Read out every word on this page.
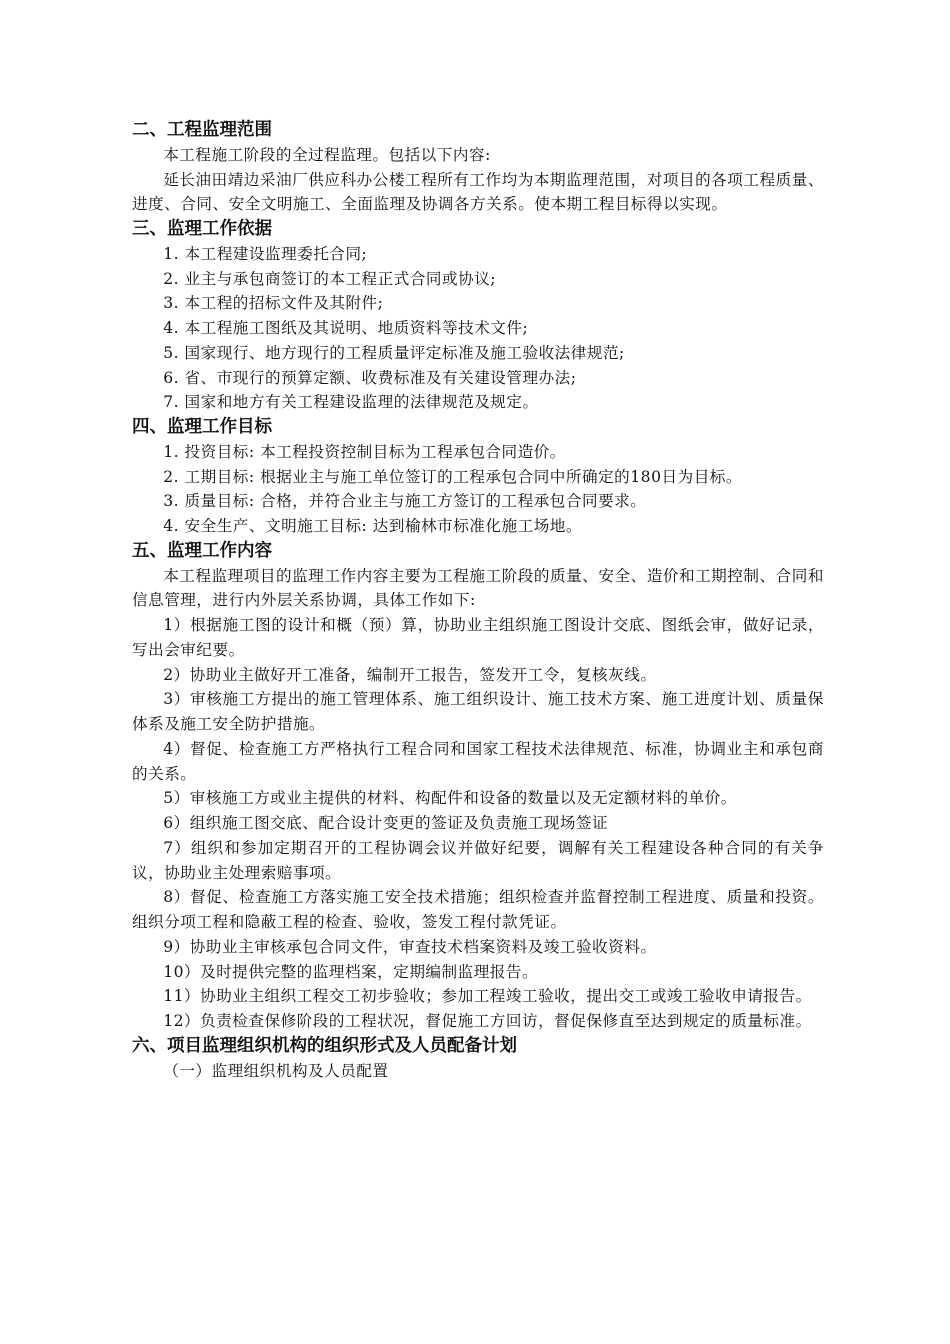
二、工程监理范围

本工程施工阶段的全过程监理。包括以下内容:

延长油田靖边采油厂供应科办公楼工程所有工作均为本期监理范围，对项目的各项工程质量、进度、合同、安全文明施工、全面监理及协调各方关系。使本期工程目标得以实现。

三、监理工作依据

1. 本工程建设监理委托合同;

2. 业主与承包商签订的本工程正式合同或协议;

3. 本工程的招标文件及其附件;

4. 本工程施工图纸及其说明、地质资料等技术文件;

5. 国家现行、地方现行的工程质量评定标准及施工验收法律规范;

6. 省、市现行的预算定额、收费标准及有关建设管理办法;

7. 国家和地方有关工程建设监理的法律规范及规定。

四、监理工作目标

1. 投资目标: 本工程投资控制目标为工程承包合同造价。

2. 工期目标: 根据业主与施工单位签订的工程承包合同中所确定的180日为目标。

3. 质量目标: 合格，并符合业主与施工方签订的工程承包合同要求。

4. 安全生产、文明施工目标: 达到榆林市标准化施工场地。

五、监理工作内容

本工程监理项目的监理工作内容主要为工程施工阶段的质量、安全、造价和工期控制、合同和信息管理，进行内外层关系协调，具体工作如下:

1）根据施工图的设计和概（预）算，协助业主组织施工图设计交底、图纸会审，做好记录，写出会审纪要。

2）协助业主做好开工准备，编制开工报告，签发开工令，复核灰线。

3）审核施工方提出的施工管理体系、施工组织设计、施工技术方案、施工进度计划、质量保体系及施工安全防护措施。

4）督促、检查施工方严格执行工程合同和国家工程技术法律规范、标准，协调业主和承包商的关系。

5）审核施工方或业主提供的材料、构配件和设备的数量以及无定额材料的单价。

6）组织施工图交底、配合设计变更的签证及负责施工现场签证

7）组织和参加定期召开的工程协调会议并做好纪要，调解有关工程建设各种合同的有关争议，协助业主处理索赔事项。

8）督促、检查施工方落实施工安全技术措施；组织检查并监督控制工程进度、质量和投资。组织分项工程和隐蔽工程的检查、验收，签发工程付款凭证。

9）协助业主审核承包合同文件，审查技术档案资料及竣工验收资料。

10）及时提供完整的监理档案，定期编制监理报告。

11）协助业主组织工程交工初步验收；参加工程竣工验收，提出交工或竣工验收申请报告。

12）负责检查保修阶段的工程状况，督促施工方回访，督促保修直至达到规定的质量标准。

六、项目监理组织机构的组织形式及人员配备计划

（一）监理组织机构及人员配置
